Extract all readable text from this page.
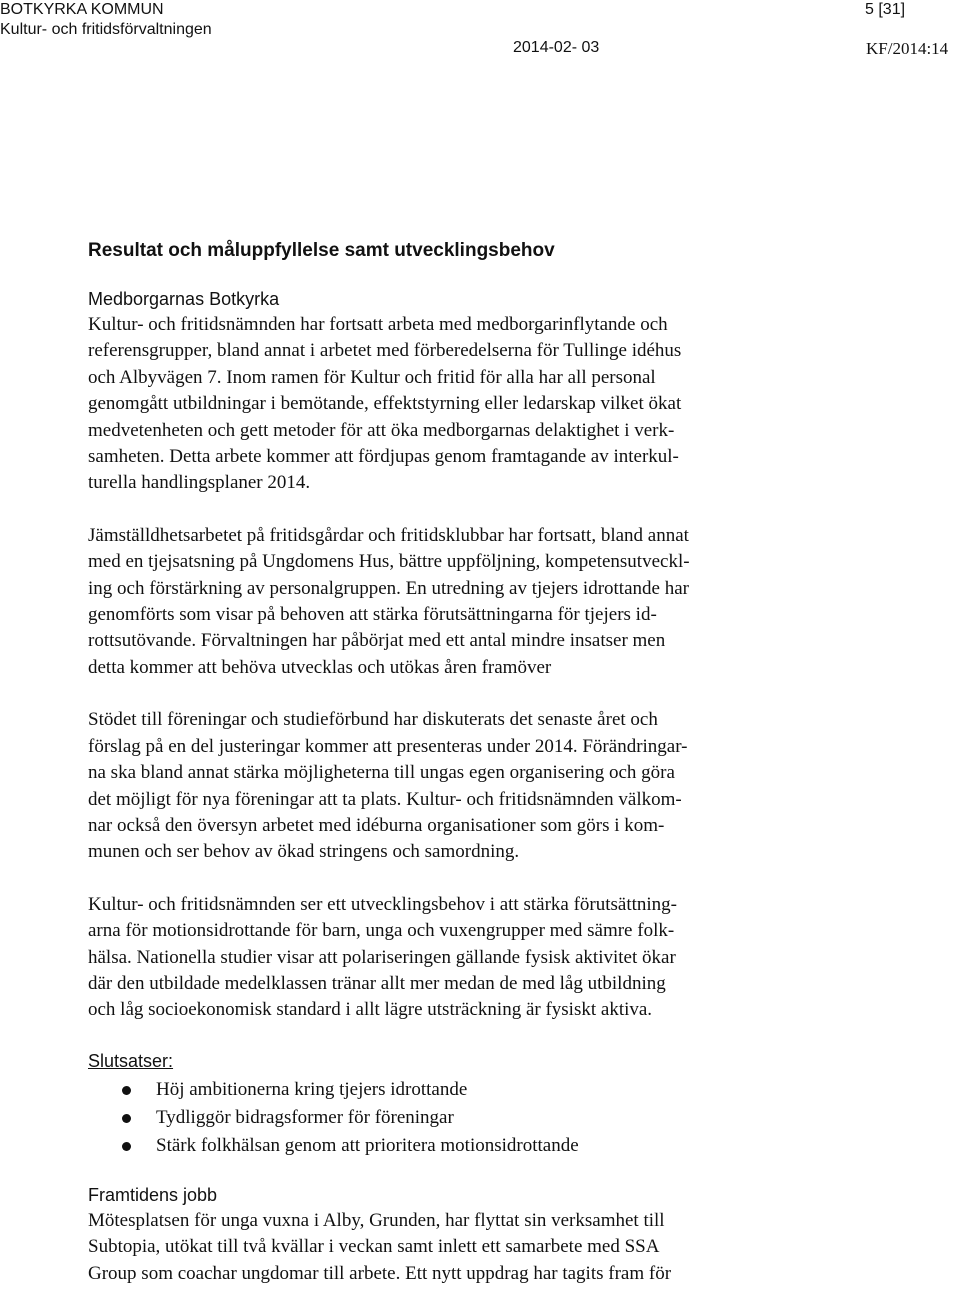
BOTKYRKA KOMMUN
Kultur- och fritidsförvaltningen
5 [31]
2014-02- 03	KF/2014:14
Resultat och måluppfyllelse samt utvecklingsbehov

Medborgarnas Botkyrka

Kultur- och fritidsnämnden har fortsatt arbeta med medborgarinflytande och
referensgrupper, bland annat i arbetet med förberedelserna för Tullinge idéhus
och Albyvägen 7. Inom ramen för Kultur och fritid för alla har all personal
genomgått utbildningar i bemötande, effektstyrning eller ledarskap vilket ökat
medvetenheten och gett metoder för att öka medborgarnas delaktighet i verk-
samheten. Detta arbete kommer att fördjupas genom framtagande av interkul-
turella handlingsplaner 2014.

Jämställdhetsarbetet på fritidsgårdar och fritidsklubbar har fortsatt, bland annat
med en tjejsatsning på Ungdomens Hus, bättre uppföljning, kompetensutveckl-
ing och förstärkning av personalgruppen. En utredning av tjejers idrottande har
genomförts som visar på behoven att stärka förutsättningarna för tjejers id-
rottsutövande. Förvaltningen har påbörjat med ett antal mindre insatser men
detta kommer att behöva utvecklas och utökas åren framöver

Stödet till föreningar och studieförbund har diskuterats det senaste året och
förslag på en del justeringar kommer att presenteras under 2014. Förändringar-
na ska bland annat stärka möjligheterna till ungas egen organisering och göra
det möjligt för nya föreningar att ta plats. Kultur- och fritidsnämnden välkom-
nar också den översyn arbetet med idéburna organisationer som görs i kom-
munen och ser behov av ökad stringens och samordning.

Kultur- och fritidsnämnden ser ett utvecklingsbehov i att stärka förutsättning-
arna för motionsidrottande för barn, unga och vuxengrupper med sämre folk-
hälsa. Nationella studier visar att polariseringen gällande fysisk aktivitet ökar
där den utbildade medelklassen tränar allt mer medan de med låg utbildning
och låg socioekonomisk standard i allt lägre utsträckning är fysiskt aktiva.

Slutsatser:

Höj ambitionerna kring tjejers idrottande
Tydliggör bidragsformer för föreningar
Stärk folkhälsan genom att prioritera motionsidrottande

Framtidens jobb

Mötesplatsen för unga vuxna i Alby, Grunden, har flyttat sin verksamhet till
Subtopia, utökat till två kvällar i veckan samt inlett ett samarbete med SSA
Group som coachar ungdomar till arbete. Ett nytt uppdrag har tagits fram för
